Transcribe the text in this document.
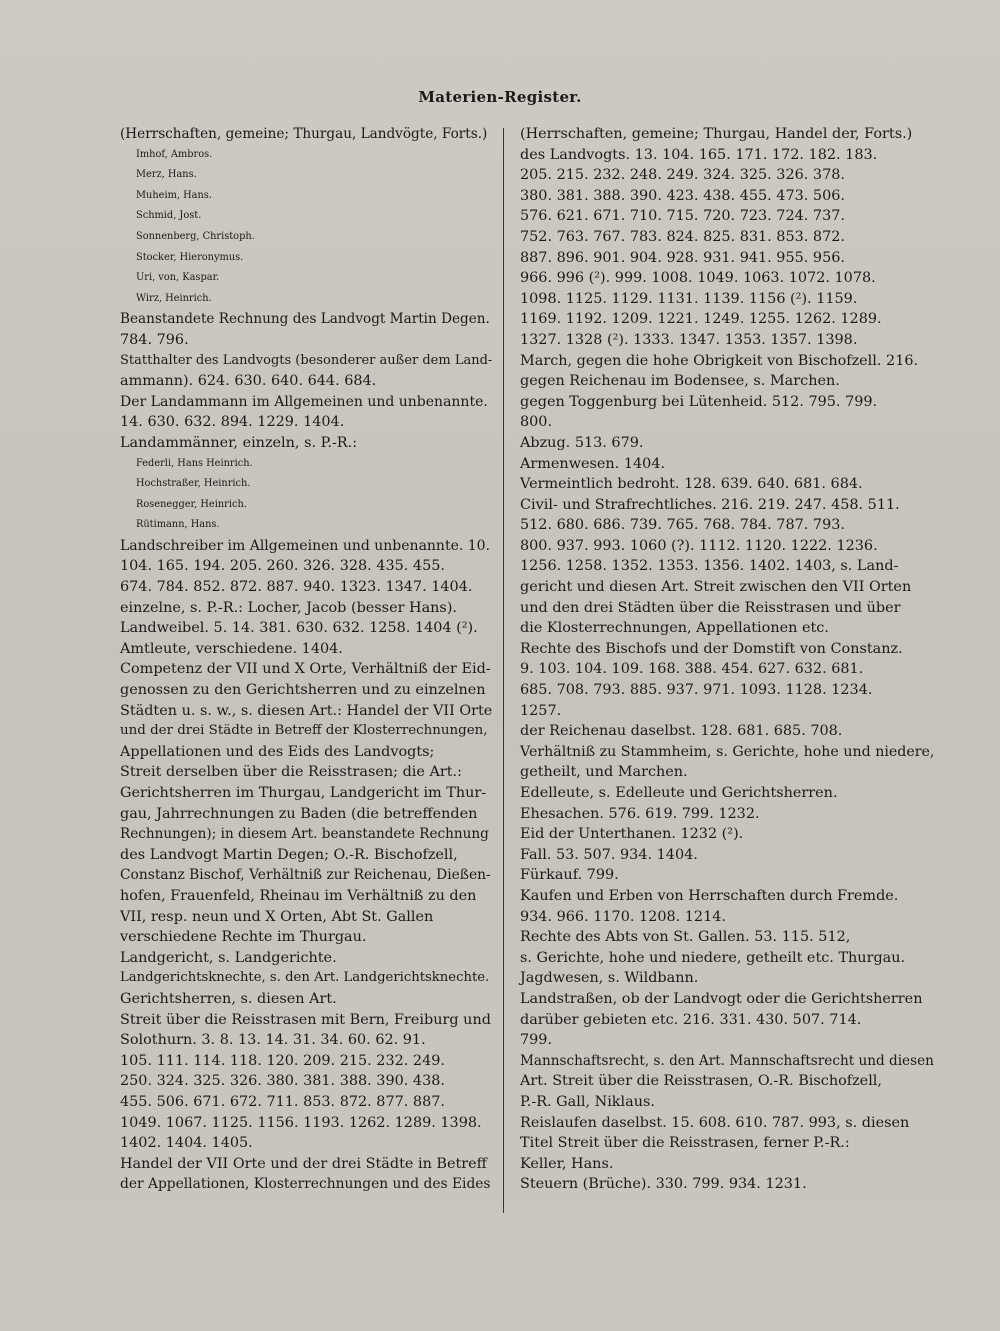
Materien-Register.
(Herrschaften, gemeine; Thurgau, Landvögte, Forts.)
Imhof, Ambros.
Merz, Hans.
Muheim, Hans.
Schmid, Jost.
Sonnenberg, Christoph.
Stocker, Hieronymus.
Uri, von, Kaspar.
Wirz, Heinrich.
Beanstandete Rechnung des Landvogt Martin Degen.
784. 796.
Statthalter des Landvogts (besonderer außer dem Land-
ammann). 624. 630. 640. 644. 684.
Der Landammann im Allgemeinen und unbenannte.
14. 630. 632. 894. 1229. 1404.
Landammänner, einzeln, s. P.-R.:
Federli, Hans Heinrich.
Hochstraßer, Heinrich.
Rosenegger, Heinrich.
Rütimann, Hans.
Landschreiber im Allgemeinen und unbenannte. 10.
104. 165. 194. 205. 260. 326. 328. 435. 455.
674. 784. 852. 872. 887. 940. 1323. 1347. 1404.
einzelne, s. P.-R.: Locher, Jacob (besser Hans).
Landweibel. 5. 14. 381. 630. 632. 1258. 1404 (²).
Amtleute, verschiedene. 1404.
Competenz der VII und X Orte, Verhältniß der Eid-
genossen zu den Gerichtsherren und zu einzelnen
Städten u. s. w., s. diesen Art.: Handel der VII Orte
und der drei Städte in Betreff der Klosterrechnungen,
Appellationen und des Eids des Landvogts;
Streit derselben über die Reisstrasen; die Art.:
Gerichtsherren im Thurgau, Landgericht im Thur-
gau, Jahrrechnungen zu Baden (die betreffenden
Rechnungen); in diesem Art. beanstandete Rechnung
des Landvogt Martin Degen; O.-R. Bischofzell,
Constanz Bischof, Verhältniß zur Reichenau, Dießen-
hofen, Frauenfeld, Rheinau im Verhältniß zu den
VII, resp. neun und X Orten, Abt St. Gallen
verschiedene Rechte im Thurgau.
Landgericht, s. Landgerichte.
Landgerichtsknechte, s. den Art. Landgerichtsknechte.
Gerichtsherren, s. diesen Art.
Streit über die Reisstrasen mit Bern, Freiburg und
Solothurn. 3. 8. 13. 14. 31. 34. 60. 62. 91.
105. 111. 114. 118. 120. 209. 215. 232. 249.
250. 324. 325. 326. 380. 381. 388. 390. 438.
455. 506. 671. 672. 711. 853. 872. 877. 887.
1049. 1067. 1125. 1156. 1193. 1262. 1289. 1398.
1402. 1404. 1405.
Handel der VII Orte und der drei Städte in Betreff
der Appellationen, Klosterrechnungen und des Eides
(Herrschaften, gemeine; Thurgau, Handel der, Forts.)
des Landvogts. 13. 104. 165. 171. 172. 182. 183.
205. 215. 232. 248. 249. 324. 325. 326. 378.
380. 381. 388. 390. 423. 438. 455. 473. 506.
576. 621. 671. 710. 715. 720. 723. 724. 737.
752. 763. 767. 783. 824. 825. 831. 853. 872.
887. 896. 901. 904. 928. 931. 941. 955. 956.
966. 996 (²). 999. 1008. 1049. 1063. 1072. 1078.
1098. 1125. 1129. 1131. 1139. 1156 (²). 1159.
1169. 1192. 1209. 1221. 1249. 1255. 1262. 1289.
1327. 1328 (²). 1333. 1347. 1353. 1357. 1398.
March, gegen die hohe Obrigkeit von Bischofzell. 216.
gegen Reichenau im Bodensee, s. Marchen.
gegen Toggenburg bei Lütenheid. 512. 795. 799.
800.
Abzug. 513. 679.
Armenwesen. 1404.
Vermeintlich bedroht. 128. 639. 640. 681. 684.
Civil- und Strafrechtliches. 216. 219. 247. 458. 511.
512. 680. 686. 739. 765. 768. 784. 787. 793.
800. 937. 993. 1060 (?). 1112. 1120. 1222. 1236.
1256. 1258. 1352. 1353. 1356. 1402. 1403, s. Land-
gericht und diesen Art. Streit zwischen den VII Orten
und den drei Städten über die Reisstrasen und über
die Klosterrechnungen, Appellationen etc.
Rechte des Bischofs und der Domstift von Constanz.
9. 103. 104. 109. 168. 388. 454. 627. 632. 681.
685. 708. 793. 885. 937. 971. 1093. 1128. 1234.
1257.
der Reichenau daselbst. 128. 681. 685. 708.
Verhältniß zu Stammheim, s. Gerichte, hohe und niedere,
getheilt, und Marchen.
Edelleute, s. Edelleute und Gerichtsherren.
Ehesachen. 576. 619. 799. 1232.
Eid der Unterthanen. 1232 (²).
Fall. 53. 507. 934. 1404.
Fürkauf. 799.
Kaufen und Erben von Herrschaften durch Fremde.
934. 966. 1170. 1208. 1214.
Rechte des Abts von St. Gallen. 53. 115. 512,
s. Gerichte, hohe und niedere, getheilt etc. Thurgau.
Jagdwesen, s. Wildbann.
Landstraßen, ob der Landvogt oder die Gerichtsherren
darüber gebieten etc. 216. 331. 430. 507. 714.
799.
Mannschaftsrecht, s. den Art. Mannschaftsrecht und diesen
Art. Streit über die Reisstrasen, O.-R. Bischofzell,
P.-R. Gall, Niklaus.
Reislaufen daselbst. 15. 608. 610. 787. 993, s. diesen
Titel Streit über die Reisstrasen, ferner P.-R.:
Keller, Hans.
Steuern (Brüche). 330. 799. 934. 1231.
